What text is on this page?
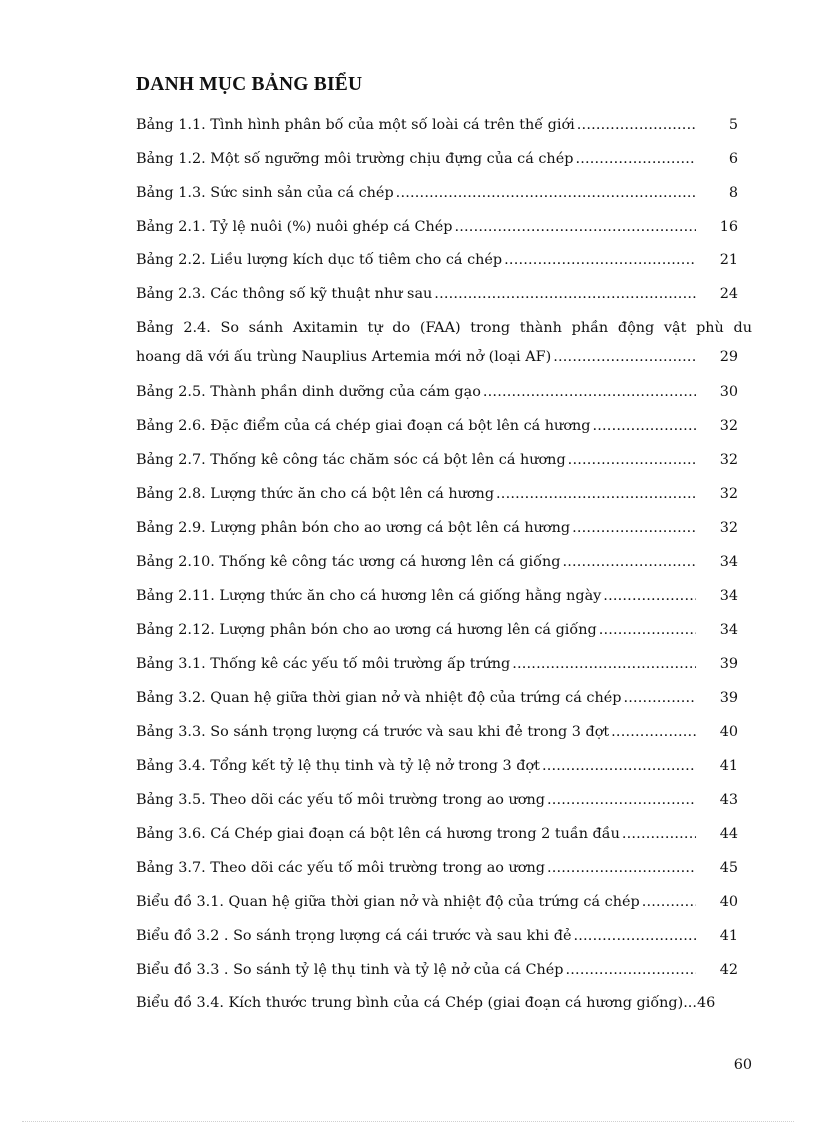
DANH MỤC BẢNG BIỂU
Bảng 1.1. Tình hình phân bố của một số loài cá trên thế giới .....	5
Bảng 1.2. Một số ngưỡng môi trường chịu đựng của cá chép .....	6
Bảng 1.3. Sức sinh sản của cá chép .....	8
Bảng 2.1. Tỷ lệ nuôi (%) nuôi ghép cá Chép .....	16
Bảng 2.2. Liều lượng kích dục tố tiêm cho cá chép .....	21
Bảng 2.3. Các thông số kỹ thuật như sau .....	24
Bảng 2.4. So sánh Axitamin tự do (FAA) trong thành phần động vật phù du
hoang dã với ấu trùng Nauplius Artemia mới nở (loại AF) .....	29
Bảng 2.5. Thành phần dinh dưỡng của cám gạo .....	30
Bảng 2.6. Đặc điểm của cá chép giai đoạn cá bột lên cá hương .....	32
Bảng 2.7. Thống kê công tác chăm sóc cá bột lên cá hương .....	32
Bảng 2.8. Lượng thức ăn cho cá bột lên cá hương .....	32
Bảng 2.9. Lượng phân bón cho ao ương cá bột lên cá hương .....	32
Bảng 2.10. Thống kê công tác ương cá hương lên cá giống .....	34
Bảng 2.11. Lượng thức ăn cho cá hương lên cá giống hằng ngày .....	34
Bảng 2.12. Lượng phân bón cho ao ương cá hương lên cá giống .....	34
Bảng 3.1. Thống kê các yếu tố môi trường ấp trứng .....	39
Bảng 3.2. Quan hệ giữa thời gian nở và nhiệt độ của trứng cá chép .....	39
Bảng 3.3. So sánh trọng lượng cá trước và sau khi đẻ trong 3 đợt .....	40
Bảng 3.4. Tổng kết tỷ lệ thụ tinh và tỷ lệ nở trong 3 đợt .....	41
Bảng 3.5. Theo dõi các yếu tố môi trường trong ao ương .....	43
Bảng 3.6. Cá Chép giai đoạn cá bột lên cá hương trong 2 tuần đầu .....	44
Bảng 3.7. Theo dõi các yếu tố môi trường trong ao ương .....	45
Biểu đồ 3.1. Quan hệ giữa thời gian nở và nhiệt độ của trứng cá chép .....	40
Biểu đồ 3.2 . So sánh trọng lượng cá cái trước và sau khi đẻ .....	41
Biểu đồ 3.3 . So sánh tỷ lệ thụ tinh và tỷ lệ nở của cá Chép .....	42
Biểu đồ 3.4. Kích thước trung bình của cá Chép (giai đoạn cá hương giống)...46
60
